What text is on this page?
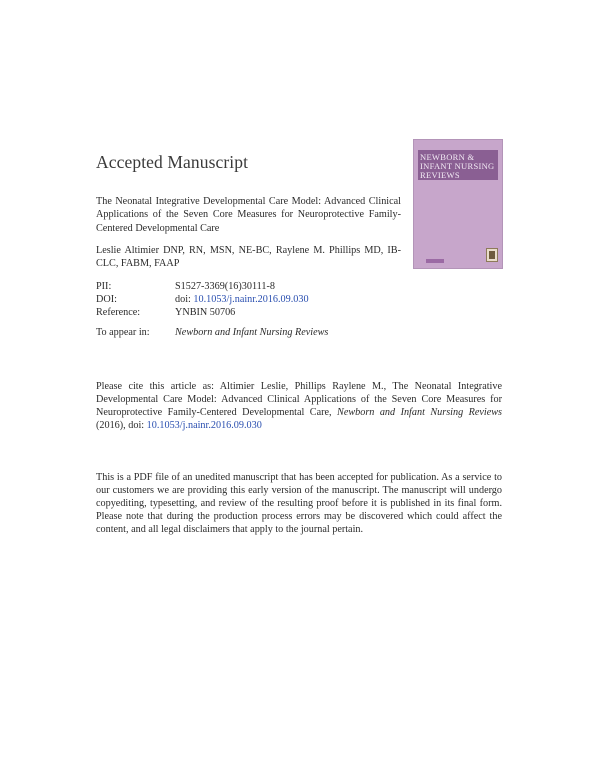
Accepted Manuscript
The Neonatal Integrative Developmental Care Model: Advanced Clinical Applications of the Seven Core Measures for Neuroprotective Family-Centered Developmental Care
Leslie Altimier DNP, RN, MSN, NE-BC, Raylene M. Phillips MD, IB-CLC, FABM, FAAP
PII:	S1527-3369(16)30111-8
DOI:	doi: 10.1053/j.nainr.2016.09.030
Reference:	YNBIN 50706
To appear in: Newborn and Infant Nursing Reviews
Please cite this article as: Altimier Leslie, Phillips Raylene M., The Neonatal Integrative Developmental Care Model: Advanced Clinical Applications of the Seven Core Measures for Neuroprotective Family-Centered Developmental Care, Newborn and Infant Nursing Reviews (2016), doi: 10.1053/j.nainr.2016.09.030
This is a PDF file of an unedited manuscript that has been accepted for publication. As a service to our customers we are providing this early version of the manuscript. The manuscript will undergo copyediting, typesetting, and review of the resulting proof before it is published in its final form. Please note that during the production process errors may be discovered which could affect the content, and all legal disclaimers that apply to the journal pertain.
NEWBORN & INFANT NURSING REVIEWS
